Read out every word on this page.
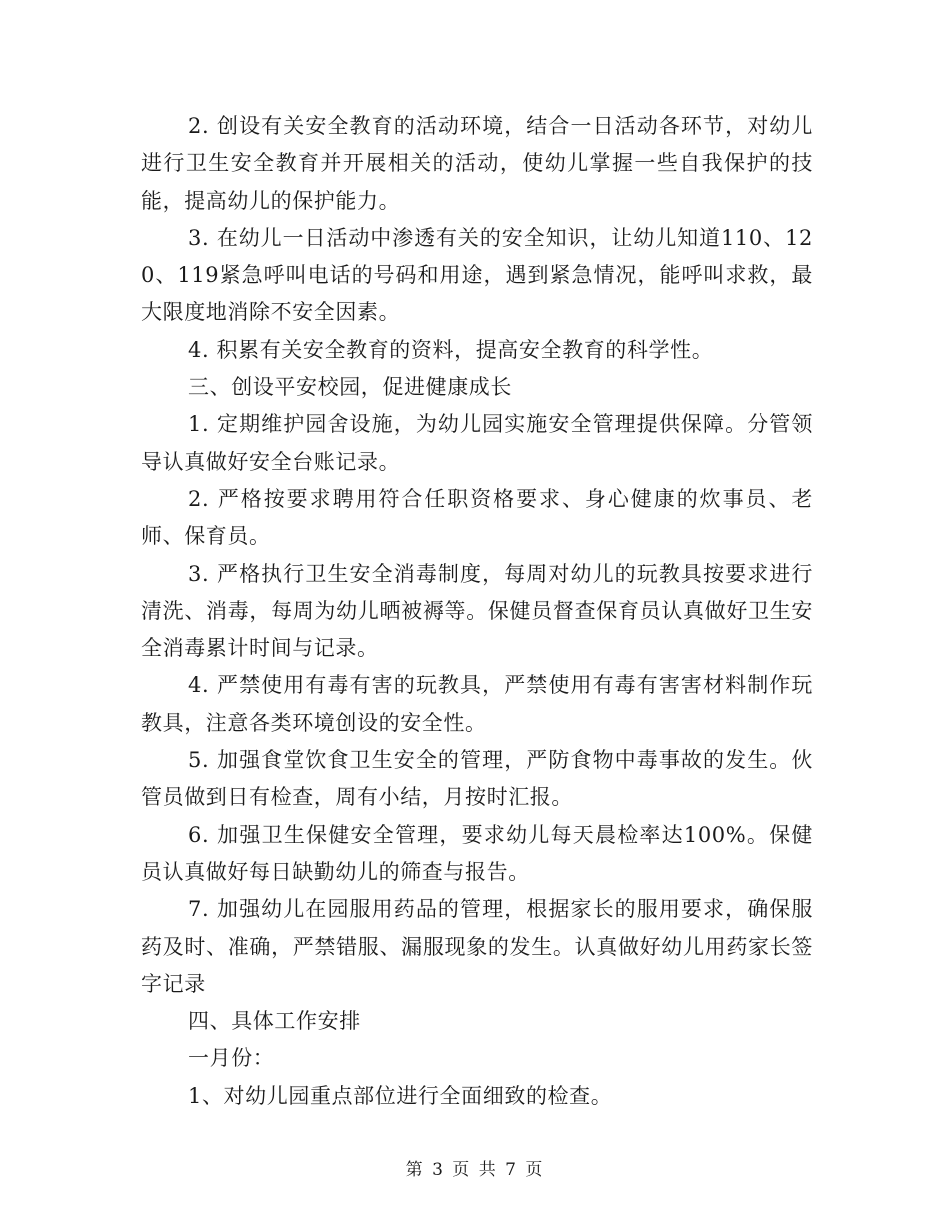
2. 创设有关安全教育的活动环境，结合一日活动各环节，对幼儿进行卫生安全教育并开展相关的活动，使幼儿掌握一些自我保护的技能，提高幼儿的保护能力。

3. 在幼儿一日活动中渗透有关的安全知识，让幼儿知道110、120、119紧急呼叫电话的号码和用途，遇到紧急情况，能呼叫求救，最大限度地消除不安全因素。

4. 积累有关安全教育的资料，提高安全教育的科学性。

三、创设平安校园，促进健康成长

1. 定期维护园舍设施，为幼儿园实施安全管理提供保障。分管领导认真做好安全台账记录。

2. 严格按要求聘用符合任职资格要求、身心健康的炊事员、老师、保育员。

3. 严格执行卫生安全消毒制度，每周对幼儿的玩教具按要求进行清洗、消毒，每周为幼儿晒被褥等。保健员督查保育员认真做好卫生安全消毒累计时间与记录。

4. 严禁使用有毒有害的玩教具，严禁使用有毒有害害材料制作玩教具，注意各类环境创设的安全性。

5. 加强食堂饮食卫生安全的管理，严防食物中毒事故的发生。伙管员做到日有检查，周有小结，月按时汇报。

6. 加强卫生保健安全管理，要求幼儿每天晨检率达100%。保健员认真做好每日缺勤幼儿的筛查与报告。

7. 加强幼儿在园服用药品的管理，根据家长的服用要求，确保服药及时、准确，严禁错服、漏服现象的发生。认真做好幼儿用药家长签字记录

四、具体工作安排

一月份：

1、对幼儿园重点部位进行全面细致的检查。

第 3 页 共 7 页
